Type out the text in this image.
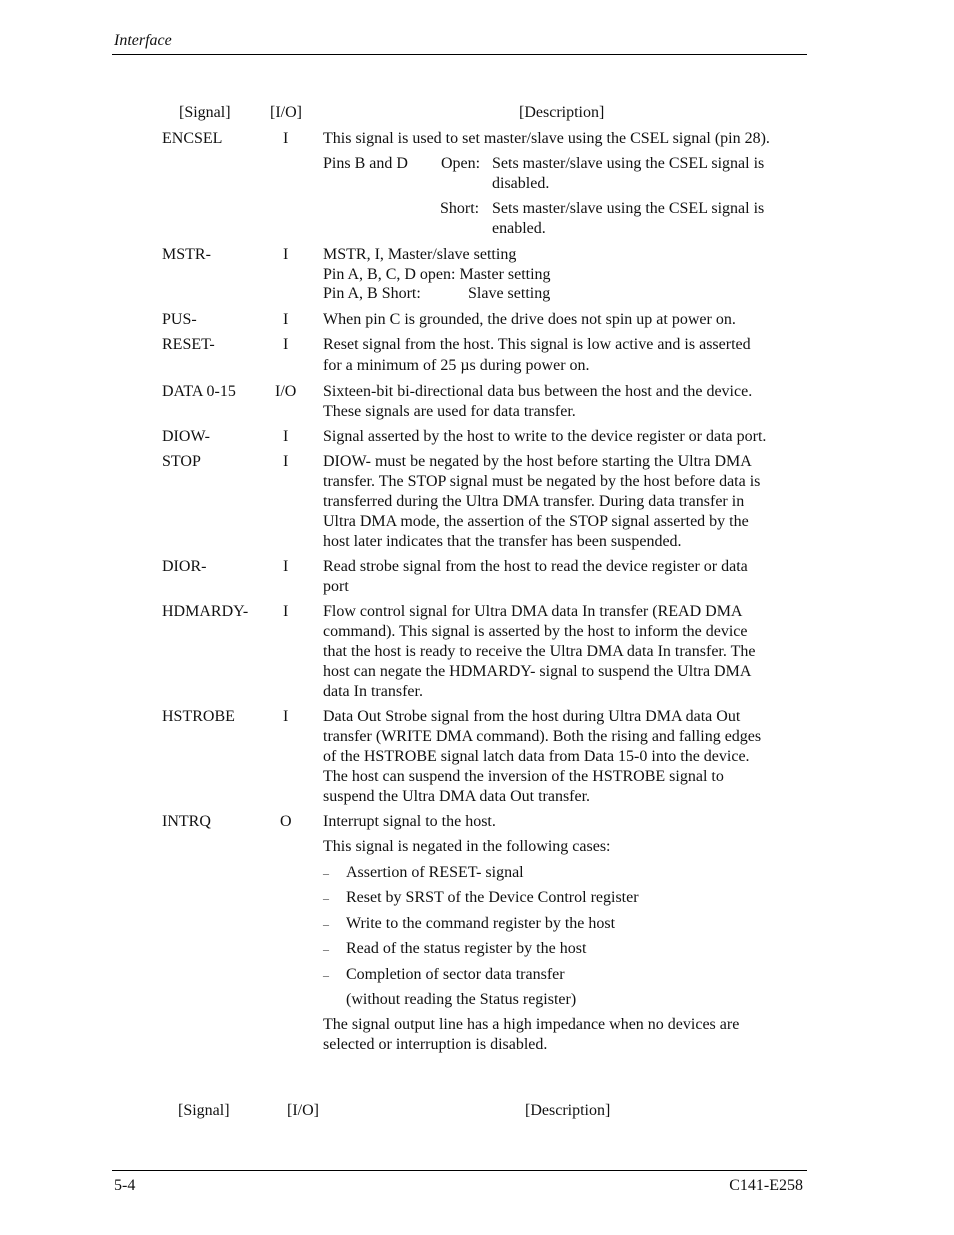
Interface
[Signal] [I/O]	[Description]
ENCSEL	I This signal is used to set master/slave using the CSEL signal (pin 28).
Pins B and D Open: Sets master/slave using the CSEL signal is
disabled.
Short: Sets master/slave using the CSEL signal is
enabled.
MSTR-	I MSTR, I, Master/slave setting
Pin A, B, C, D open: Master setting
Pin A, B Short:	Slave setting
PUS-	I When pin C is grounded, the drive does not spin up at power on.
RESET-	I Reset signal from the host. This signal is low active and is asserted
for a minimum of 25 µs during power on.
DATA 0-15 I/O Sixteen-bit bi-directional data bus between the host and the device.
These signals are used for data transfer.
DIOW-	I Signal asserted by the host to write to the device register or data port.
STOP	I DIOW- must be negated by the host before starting the Ultra DMA
transfer. The STOP signal must be negated by the host before data is
transferred during the Ultra DMA transfer. During data transfer in
Ultra DMA mode, the assertion of the STOP signal asserted by the
host later indicates that the transfer has been suspended.
DIOR-	I Read strobe signal from the host to read the device register or data
port
HDMARDY- I Flow control signal for Ultra DMA data In transfer (READ DMA
command). This signal is asserted by the host to inform the device
that the host is ready to receive the Ultra DMA data In transfer. The
host can negate the HDMARDY- signal to suspend the Ultra DMA
data In transfer.
HSTROBE	I Data Out Strobe signal from the host during Ultra DMA data Out
transfer (WRITE DMA command). Both the rising and falling edges
of the HSTROBE signal latch data from Data 15-0 into the device.
The host can suspend the inversion of the HSTROBE signal to
suspend the Ultra DMA data Out transfer.
INTRQ	O Interrupt signal to the host.
This signal is negated in the following cases:
– Assertion of RESET- signal
– Reset by SRST of the Device Control register
– Write to the command register by the host
– Read of the status register by the host
– Completion of sector data transfer
(without reading the Status register)
The signal output line has a high impedance when no devices are
selected or interruption is disabled.
[Signal]	[I/O]	[Description]
5-4	C141-E258
